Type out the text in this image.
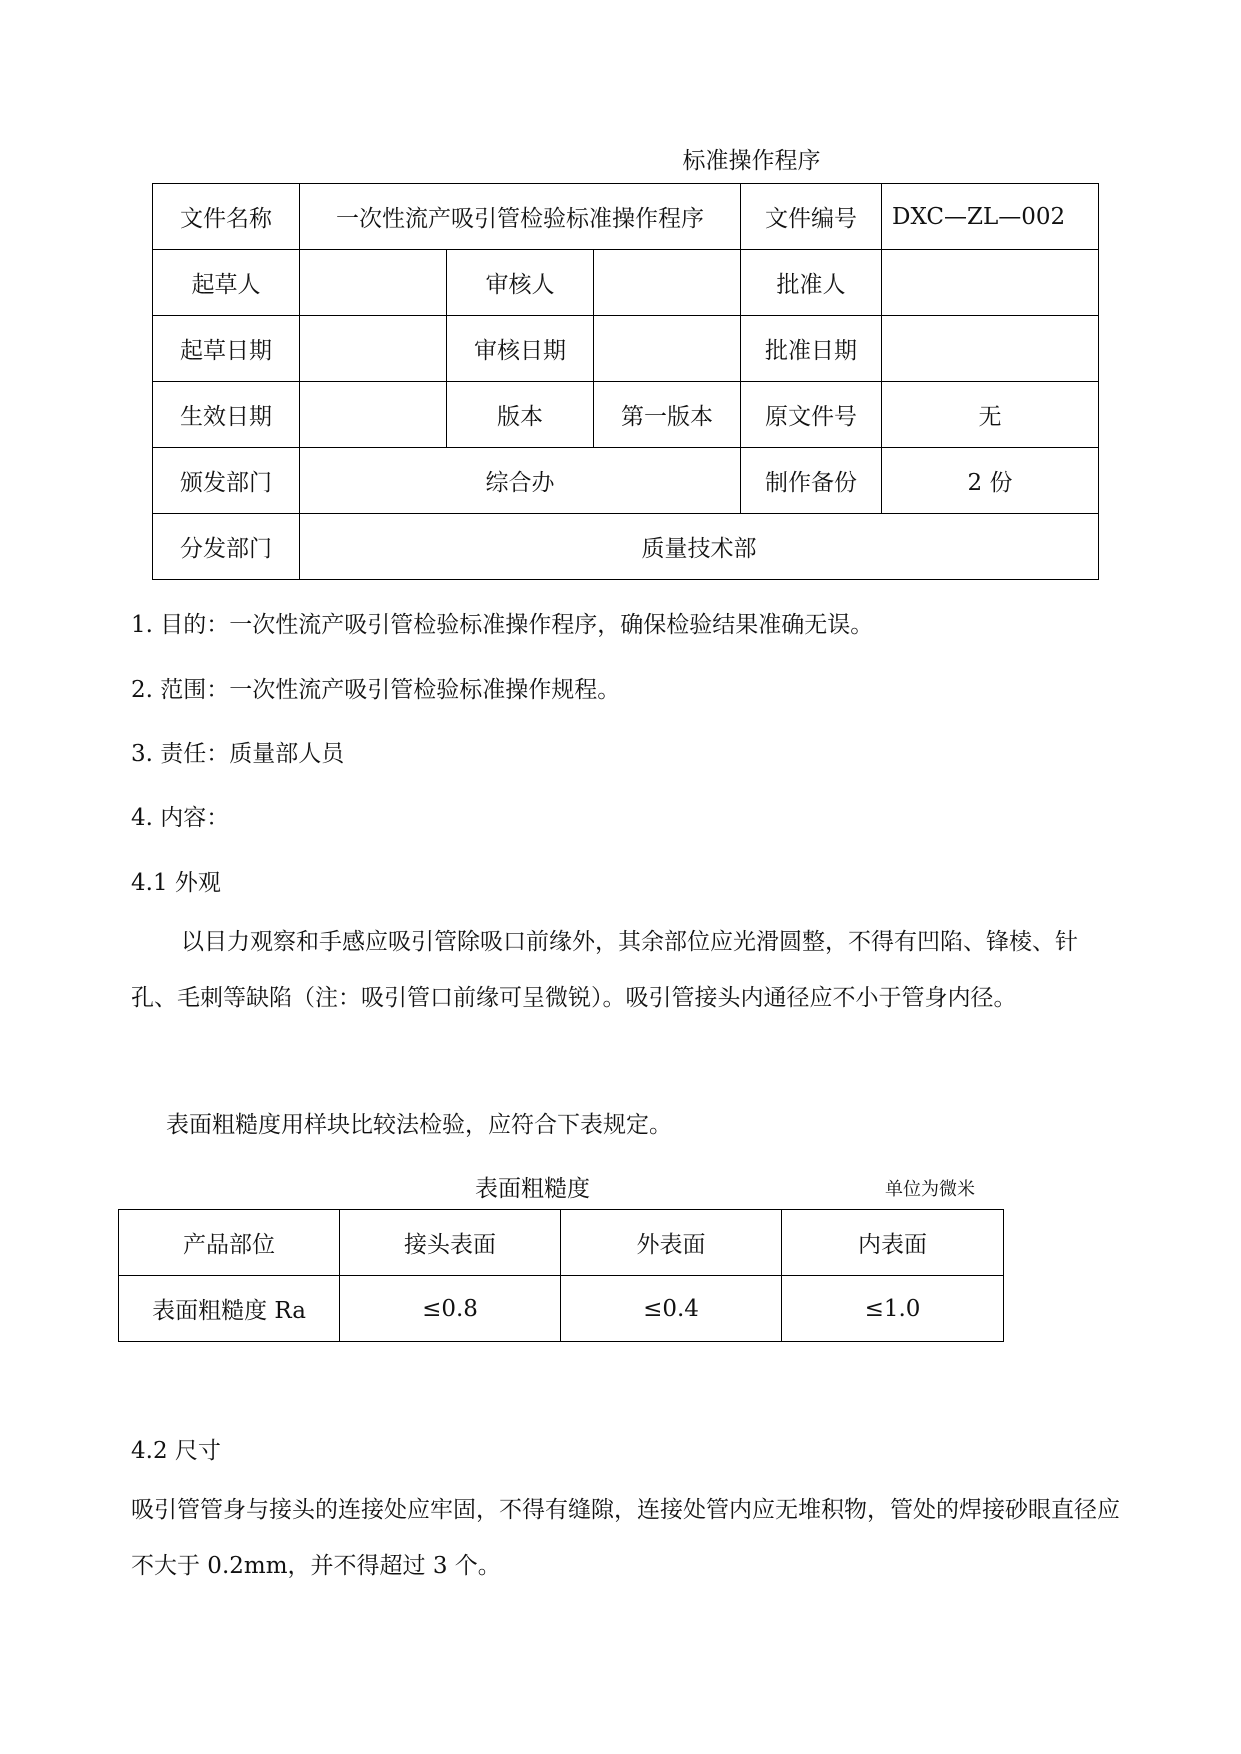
标准操作程序
文件名称	一次性流产吸引管检验标准操作程序			文件编号	DXC—ZL—002
起草人		审核人		批准人	
起草日期		审核日期		批准日期	
生效日期		版本	第一版本	原文件号	无
颁发部门	综合办			制作备份	2 份
分发部门	质量技术部				
1. 目的：一次性流产吸引管检验标准操作程序，确保检验结果准确无误。
2. 范围：一次性流产吸引管检验标准操作规程。
3. 责任：质量部人员
4. 内容：
4.1 外观
以目力观察和手感应吸引管除吸口前缘外，其余部位应光滑圆整，不得有凹陷、锋棱、针孔、毛刺等缺陷（注：吸引管口前缘可呈微锐）。吸引管接头内通径应不小于管身内径。
表面粗糙度用样块比较法检验，应符合下表规定。
表面粗糙度	单位为微米
产品部位	接头表面	外表面	内表面
表面粗糙度 Ra	≤0.8	≤0.4	≤1.0
4.2 尺寸
吸引管管身与接头的连接处应牢固，不得有缝隙，连接处管内应无堆积物，管处的焊接砂眼直径应不大于 0.2mm，并不得超过 3 个。
